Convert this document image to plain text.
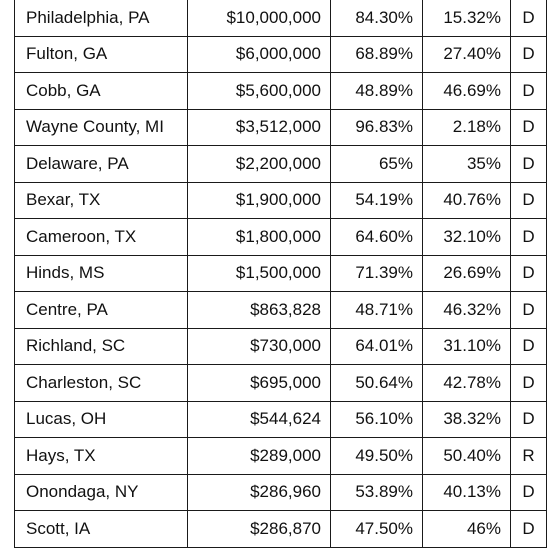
Philadelphia, PA	$10,000,000	84.30%	15.32%	D
Fulton, GA	$6,000,000	68.89%	27.40%	D
Cobb, GA	$5,600,000	48.89%	46.69%	D
Wayne County, MI	$3,512,000	96.83%	2.18%	D
Delaware, PA	$2,200,000	65%	35%	D
Bexar, TX	$1,900,000	54.19%	40.76%	D
Cameroon, TX	$1,800,000	64.60%	32.10%	D
Hinds, MS	$1,500,000	71.39%	26.69%	D
Centre, PA	$863,828	48.71%	46.32%	D
Richland, SC	$730,000	64.01%	31.10%	D
Charleston, SC	$695,000	50.64%	42.78%	D
Lucas, OH	$544,624	56.10%	38.32%	D
Hays, TX	$289,000	49.50%	50.40%	R
Onondaga, NY	$286,960	53.89%	40.13%	D
Scott, IA	$286,870	47.50%	46%	D
